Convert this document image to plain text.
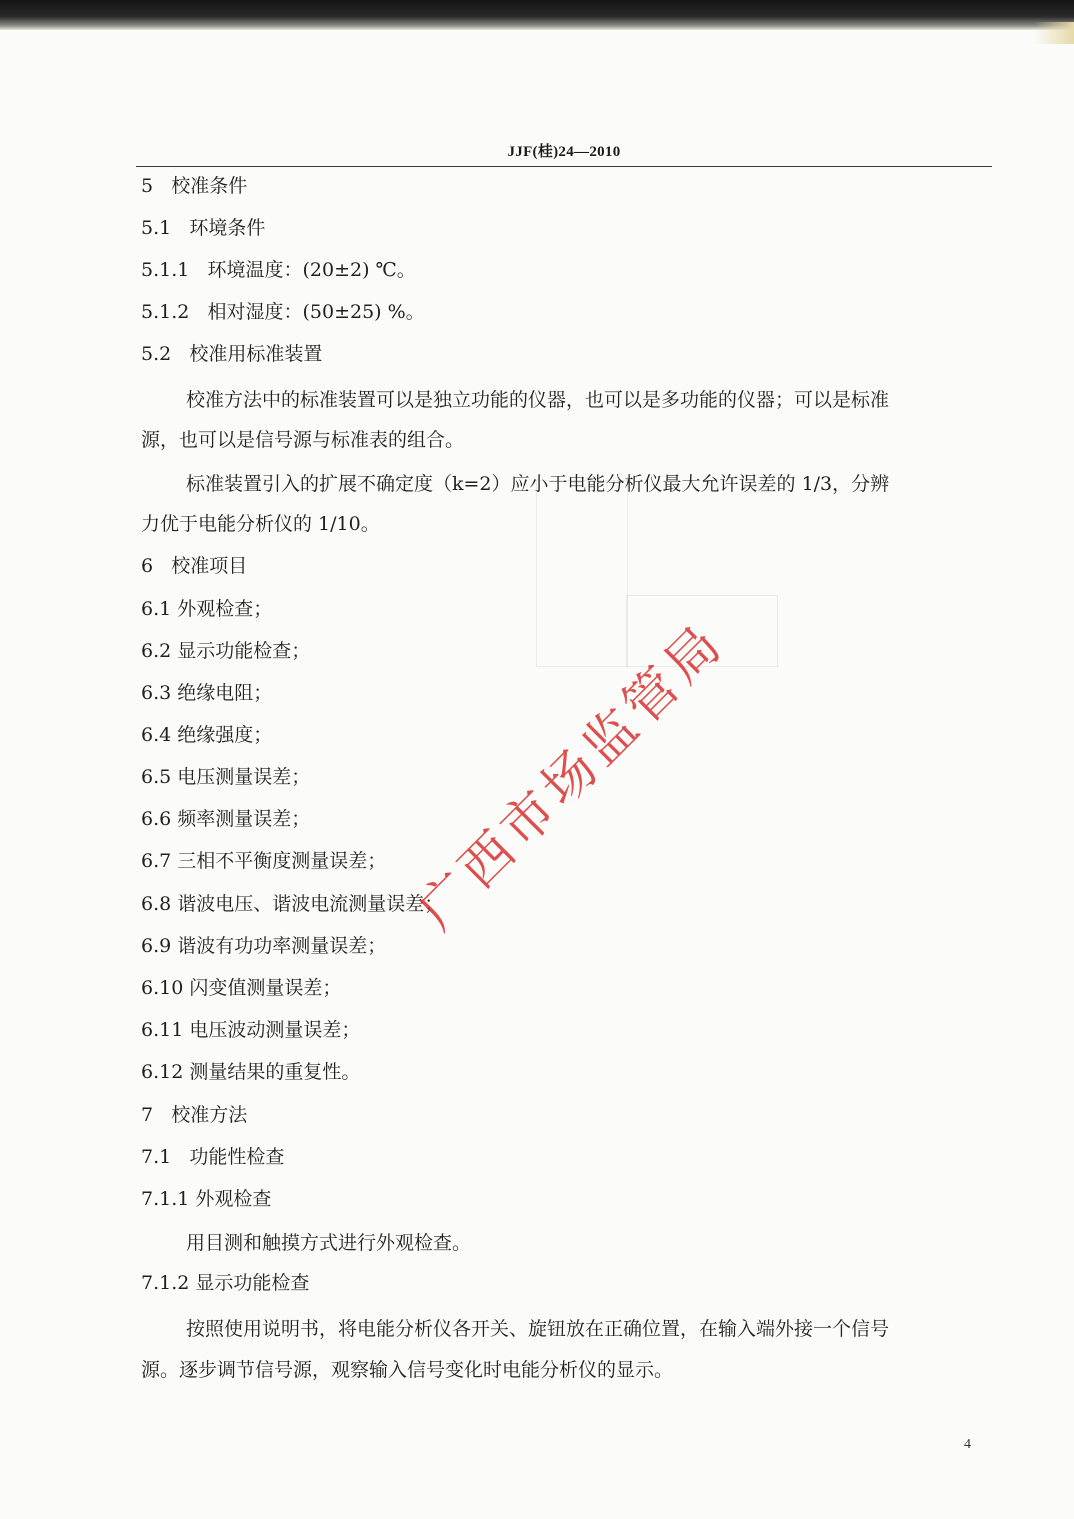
JJF(桂)24—2010
5 校准条件
5.1 环境条件
5.1.1 环境温度：(20±2) ℃。
5.1.2 相对湿度：(50±25) %。
5.2 校准用标准装置
校准方法中的标准装置可以是独立功能的仪器，也可以是多功能的仪器；可以是标准
源，也可以是信号源与标准表的组合。
标准装置引入的扩展不确定度（k=2）应小于电能分析仪最大允许误差的 1/3，分辨
力优于电能分析仪的 1/10。
6 校准项目
6.1 外观检查；
6.2 显示功能检查；
6.3 绝缘电阻；
6.4 绝缘强度；
6.5 电压测量误差；
6.6 频率测量误差；
6.7 三相不平衡度测量误差；
6.8 谐波电压、谐波电流测量误差；
6.9 谐波有功功率测量误差；
6.10 闪变值测量误差；
6.11 电压波动测量误差；
6.12 测量结果的重复性。
7 校准方法
7.1 功能性检查
7.1.1 外观检查
用目测和触摸方式进行外观检查。
7.1.2 显示功能检查
按照使用说明书，将电能分析仪各开关、旋钮放在正确位置，在输入端外接一个信号
源。逐步调节信号源，观察输入信号变化时电能分析仪的显示。
4
广西市场监管局
